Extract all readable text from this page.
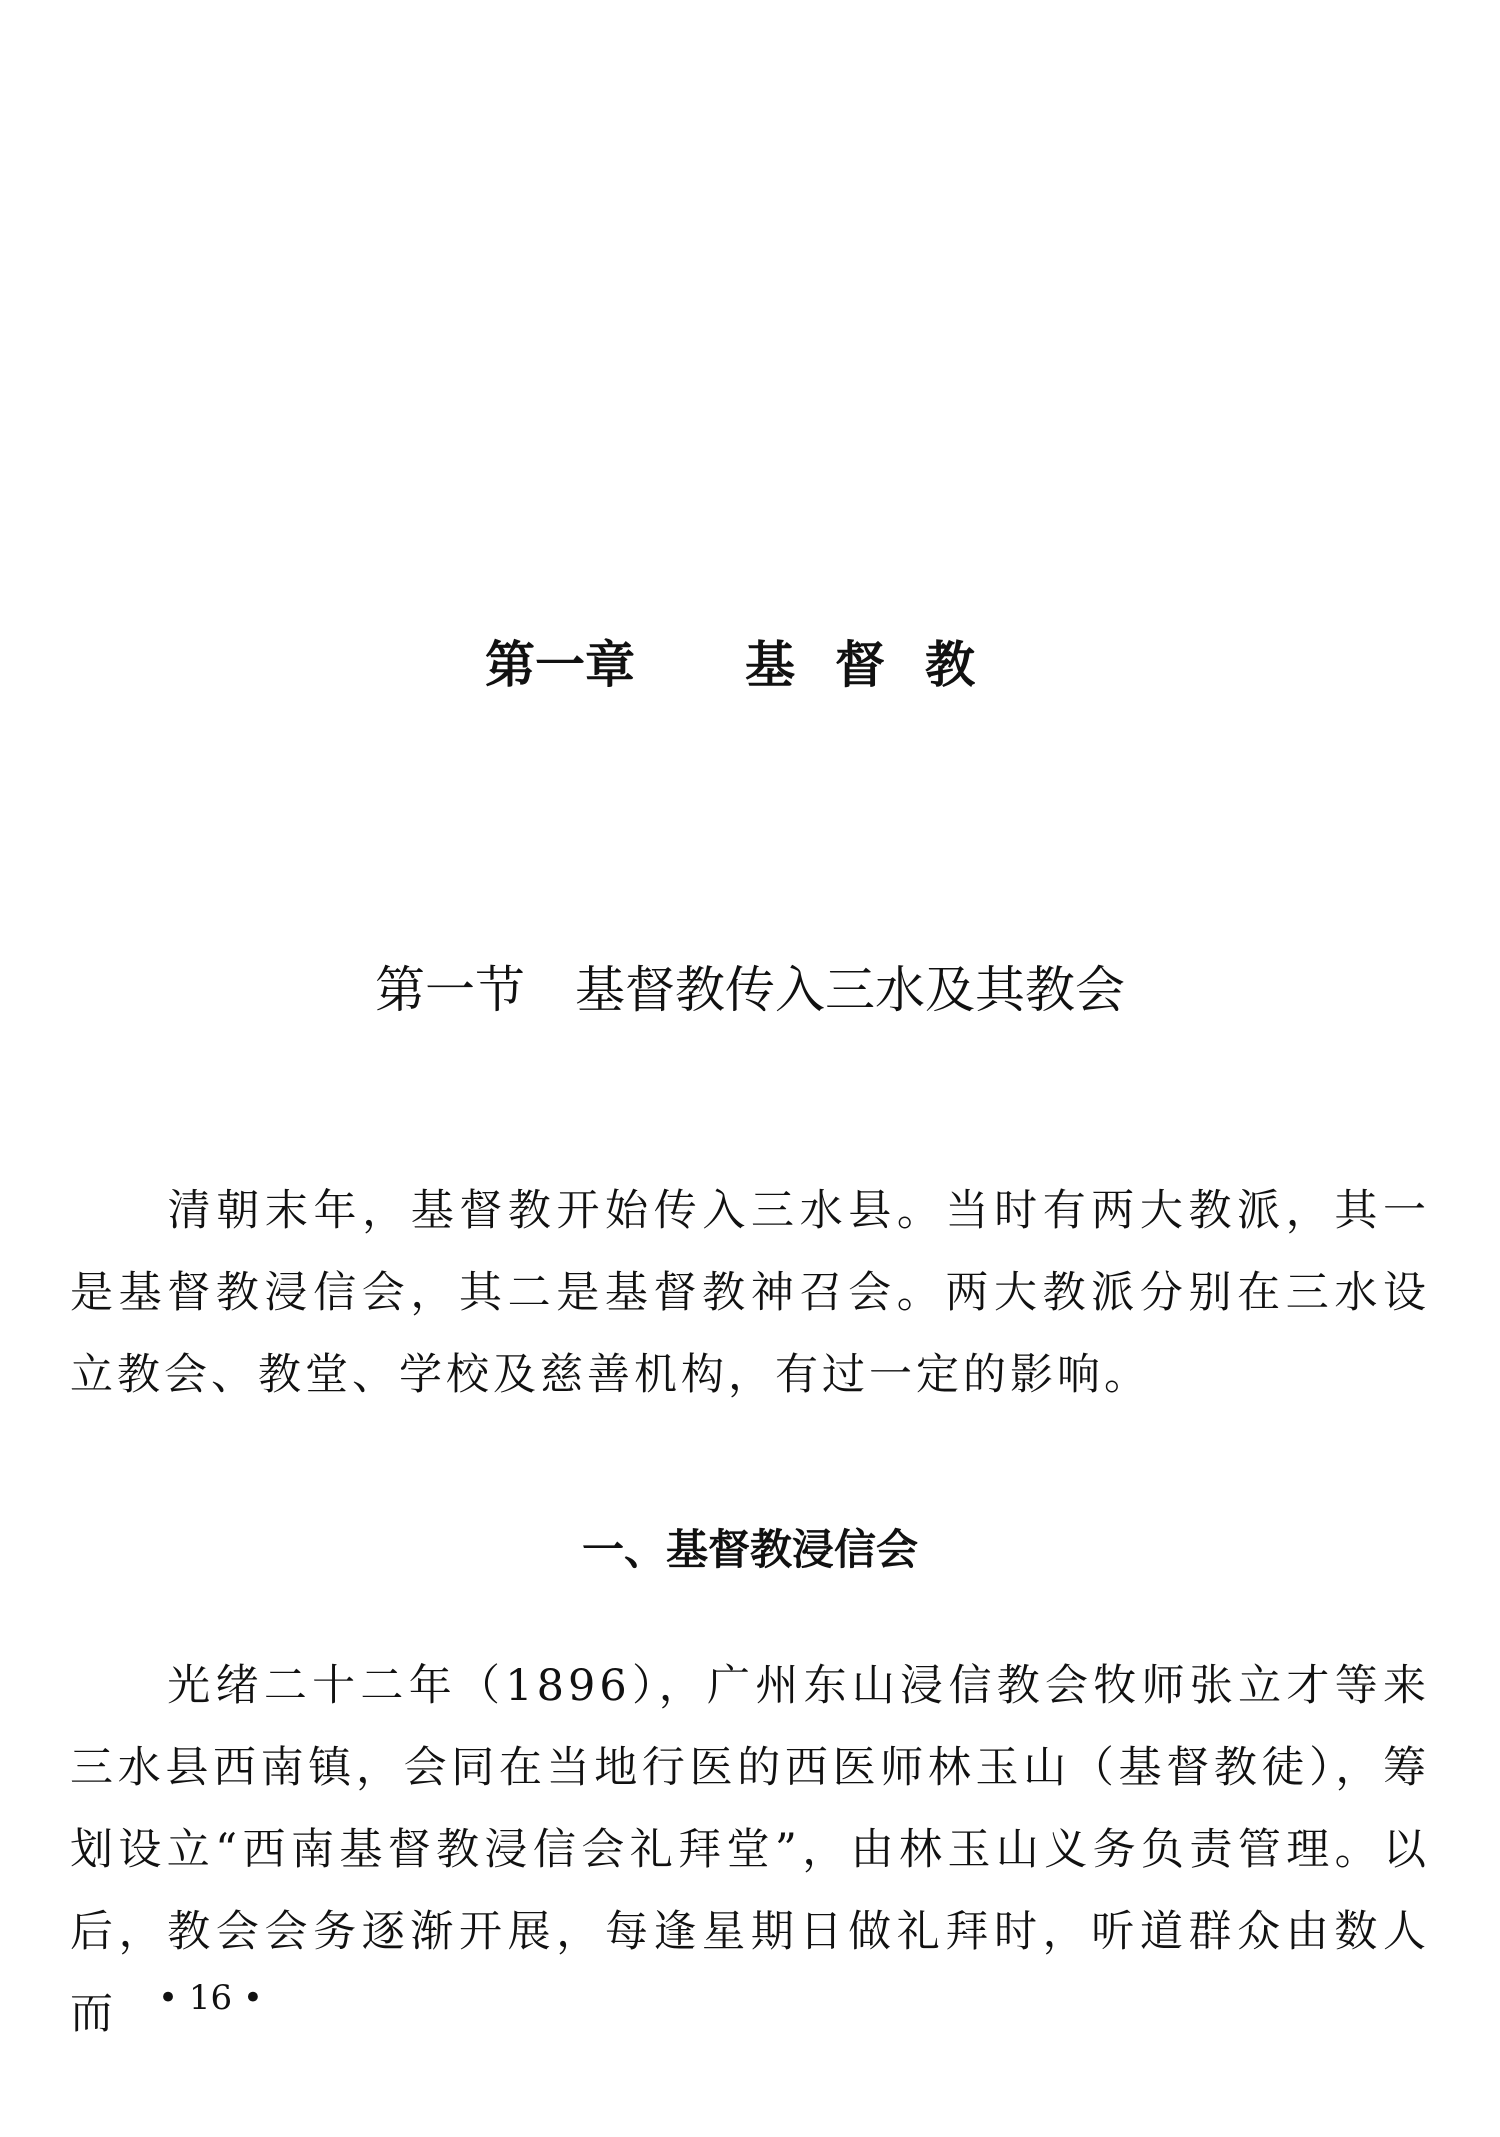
第一章 基督教
第一节 基督教传入三水及其教会

清朝末年，基督教开始传入三水县。当时有两大教派，其一是基督教浸信会，其二是基督教神召会。两大教派分别在三水设立教会、教堂、学校及慈善机构，有过一定的影响。

一、基督教浸信会

光绪二十二年（1896），广州东山浸信教会牧师张立才等来三水县西南镇，会同在当地行医的西医师林玉山（基督教徒），筹划设立“西南基督教浸信会礼拜堂”，由林玉山义务负责管理。以后，教会会务逐渐开展，每逢星期日做礼拜时，听道群众由数人而	• 16 •
